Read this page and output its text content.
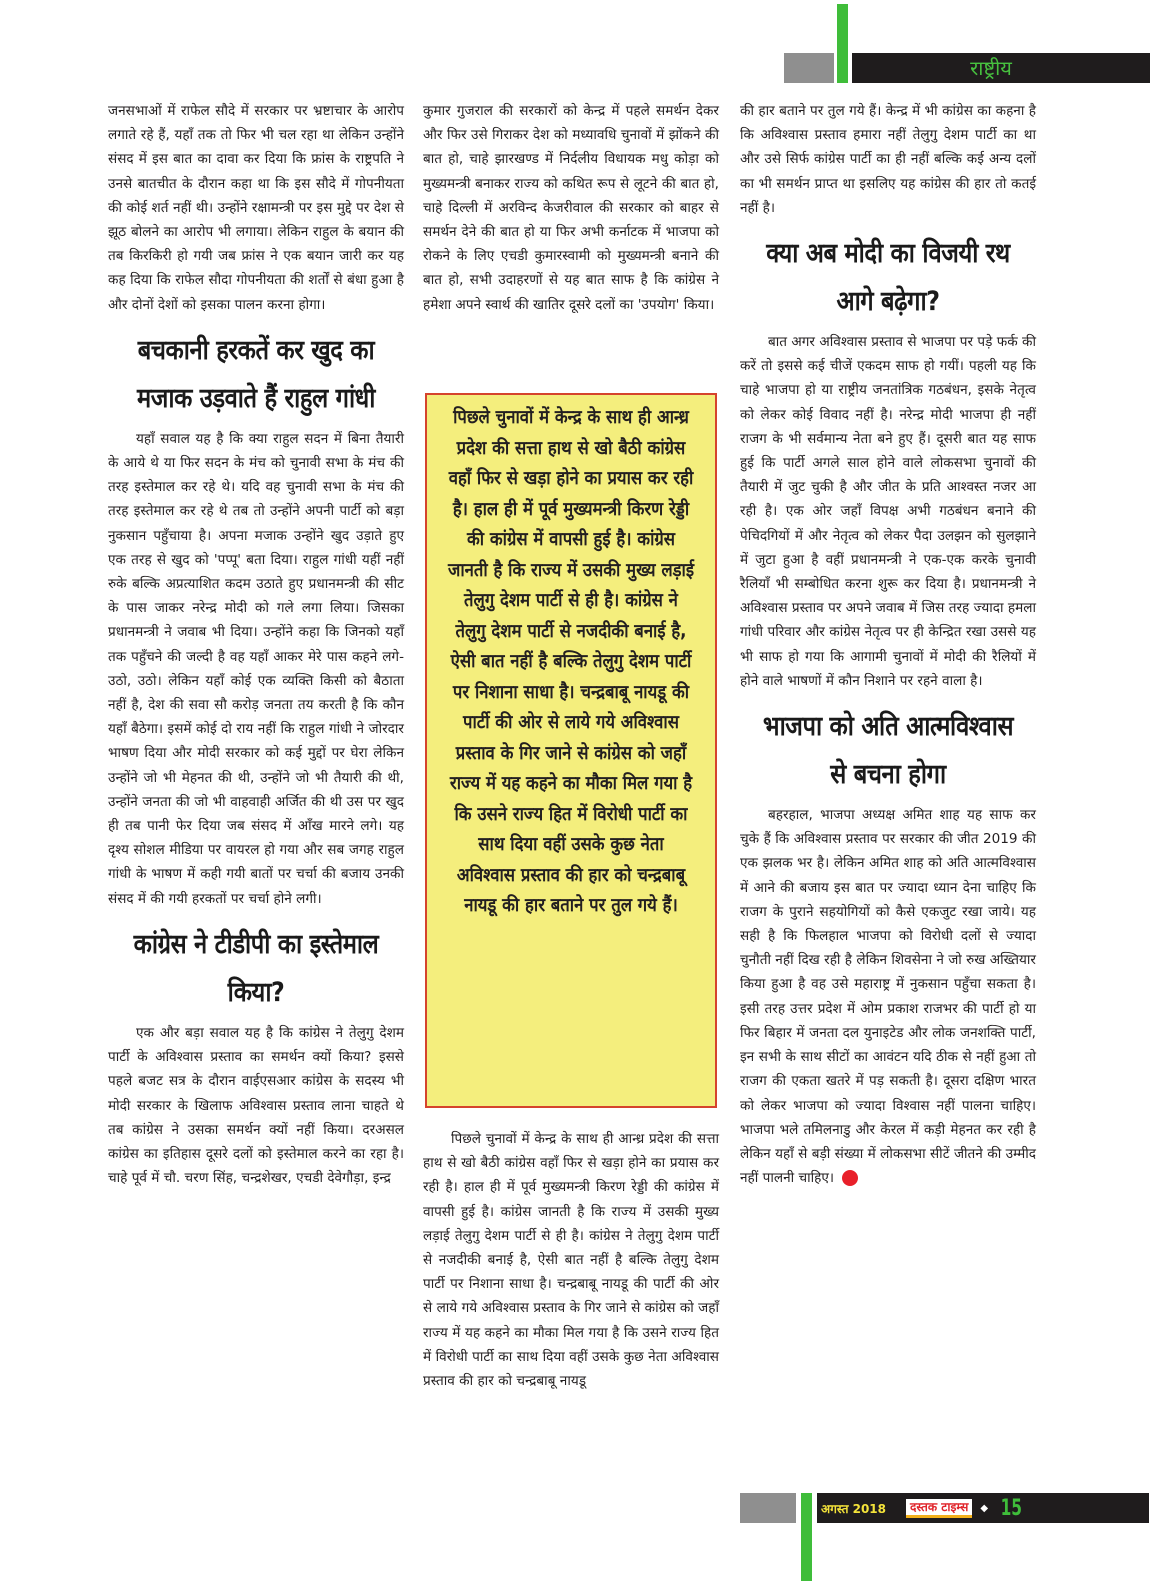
राष्ट्रीय

जनसभाओं में राफेल सौदे में सरकार पर भ्रष्टाचार के आरोप लगाते रहे हैं, यहाँ तक तो फिर भी चल रहा था लेकिन उन्होंने संसद में इस बात का दावा कर दिया कि फ्रांस के राष्ट्रपति ने उनसे बातचीत के दौरान कहा था कि इस सौदे में गोपनीयता की कोई शर्त नहीं थी। उन्होंने रक्षामन्त्री पर इस मुद्दे पर देश से झूठ बोलने का आरोप भी लगाया। लेकिन राहुल के बयान की तब किरकिरी हो गयी जब फ्रांस ने एक बयान जारी कर यह कह दिया कि राफेल सौदा गोपनीयता की शर्तों से बंधा हुआ है और दोनों देशों को इसका पालन करना होगा।

बचकानी हरकतें कर खुद का मजाक उड़वाते हैं राहुल गांधी

यहाँ सवाल यह है कि क्या राहुल सदन में बिना तैयारी के आये थे या फिर सदन के मंच को चुनावी सभा के मंच की तरह इस्तेमाल कर रहे थे। यदि वह चुनावी सभा के मंच की तरह इस्तेमाल कर रहे थे तब तो उन्होंने अपनी पार्टी को बड़ा नुकसान पहुँचाया है। अपना मजाक उन्होंने खुद उड़ाते हुए एक तरह से खुद को 'पप्पू' बता दिया। राहुल गांधी यहीं नहीं रुके बल्कि अप्रत्याशित कदम उठाते हुए प्रधानमन्त्री की सीट के पास जाकर नरेन्द्र मोदी को गले लगा लिया। जिसका प्रधानमन्त्री ने जवाब भी दिया। उन्होंने कहा कि जिनको यहाँ तक पहुँचने की जल्दी है वह यहाँ आकर मेरे पास कहने लगे- उठो, उठो। लेकिन यहाँ कोई एक व्यक्ति किसी को बैठाता नहीं है, देश की सवा सौ करोड़ जनता तय करती है कि कौन यहाँ बैठेगा। इसमें कोई दो राय नहीं कि राहुल गांधी ने जोरदार भाषण दिया और मोदी सरकार को कई मुद्दों पर घेरा लेकिन उन्होंने जो भी मेहनत की थी, उन्होंने जो भी तैयारी की थी, उन्होंने जनता की जो भी वाहवाही अर्जित की थी उस पर खुद ही तब पानी फेर दिया जब संसद में आँख मारने लगे। यह दृश्य सोशल मीडिया पर वायरल हो गया और सब जगह राहुल गांधी के भाषण में कही गयी बातों पर चर्चा की बजाय उनकी संसद में की गयी हरकतों पर चर्चा होने लगी।

कांग्रेस ने टीडीपी का इस्तेमाल किया?

एक और बड़ा सवाल यह है कि कांग्रेस ने तेलुगु देशम पार्टी के अविश्वास प्रस्ताव का समर्थन क्यों किया? इससे पहले बजट सत्र के दौरान वाईएसआर कांग्रेस के सदस्य भी मोदी सरकार के खिलाफ अविश्वास प्रस्ताव लाना चाहते थे तब कांग्रेस ने उसका समर्थन क्यों नहीं किया। दरअसल कांग्रेस का इतिहास दूसरे दलों को इस्तेमाल करने का रहा है। चाहे पूर्व में चौ. चरण सिंह, चन्द्रशेखर, एचडी देवेगौड़ा, इन्द्र

कुमार गुजराल की सरकारों को केन्द्र में पहले समर्थन देकर और फिर उसे गिराकर देश को मध्यावधि चुनावों में झोंकने की बात हो, चाहे झारखण्ड में निर्दलीय विधायक मधु कोड़ा को मुख्यमन्त्री बनाकर राज्य को कथित रूप से लूटने की बात हो, चाहे दिल्ली में अरविन्द केजरीवाल की सरकार को बाहर से समर्थन देने की बात हो या फिर अभी कर्नाटक में भाजपा को रोकने के लिए एचडी कुमारस्वामी को मुख्यमन्त्री बनाने की बात हो, सभी उदाहरणों से यह बात साफ है कि कांग्रेस ने हमेशा अपने स्वार्थ की खातिर दूसरे दलों का 'उपयोग' किया।

पिछले चुनावों में केन्द्र के साथ ही आन्ध्र प्रदेश की सत्ता हाथ से खो बैठी कांग्रेस वहाँ फिर से खड़ा होने का प्रयास कर रही है। हाल ही में पूर्व मुख्यमन्त्री किरण रेड्डी की कांग्रेस में वापसी हुई है। कांग्रेस जानती है कि राज्य में उसकी मुख्य लड़ाई तेलुगु देशम पार्टी से ही है। कांग्रेस ने तेलुगु देशम पार्टी से नजदीकी बनाई है, ऐसी बात नहीं है बल्कि तेलुगु देशम पार्टी पर निशाना साधा है। चन्द्रबाबू नायडू की पार्टी की ओर से लाये गये अविश्वास प्रस्ताव के गिर जाने से कांग्रेस को जहाँ राज्य में यह कहने का मौका मिल गया है कि उसने राज्य हित में विरोधी पार्टी का साथ दिया वहीं उसके कुछ नेता अविश्वास प्रस्ताव की हार को चन्द्रबाबू नायडू की हार बताने पर तुल गये हैं।

पिछले चुनावों में केन्द्र के साथ ही आन्ध्र प्रदेश की सत्ता हाथ से खो बैठी कांग्रेस वहाँ फिर से खड़ा होने का प्रयास कर रही है। हाल ही में पूर्व मुख्यमन्त्री किरण रेड्डी की कांग्रेस में वापसी हुई है। कांग्रेस जानती है कि राज्य में उसकी मुख्य लड़ाई तेलुगु देशम पार्टी से ही है। कांग्रेस ने तेलुगु देशम पार्टी से नजदीकी बनाई है, ऐसी बात नहीं है बल्कि तेलुगु देशम पार्टी पर निशाना साधा है। चन्द्रबाबू नायडू की पार्टी की ओर से लाये गये अविश्वास प्रस्ताव के गिर जाने से कांग्रेस को जहाँ राज्य में यह कहने का मौका मिल गया है कि उसने राज्य हित में विरोधी पार्टी का साथ दिया वहीं उसके कुछ नेता अविश्वास प्रस्ताव की हार को चन्द्रबाबू नायडू

की हार बताने पर तुल गये हैं। केन्द्र में भी कांग्रेस का कहना है कि अविश्वास प्रस्ताव हमारा नहीं तेलुगु देशम पार्टी का था और उसे सिर्फ कांग्रेस पार्टी का ही नहीं बल्कि कई अन्य दलों का भी समर्थन प्राप्त था इसलिए यह कांग्रेस की हार तो कतई नहीं है।

क्या अब मोदी का विजयी रथ आगे बढ़ेगा?

बात अगर अविश्वास प्रस्ताव से भाजपा पर पड़े फर्क की करें तो इससे कई चीजें एकदम साफ हो गयीं। पहली यह कि चाहे भाजपा हो या राष्ट्रीय जनतांत्रिक गठबंधन, इसके नेतृत्व को लेकर कोई विवाद नहीं है। नरेन्द्र मोदी भाजपा ही नहीं राजग के भी सर्वमान्य नेता बने हुए हैं। दूसरी बात यह साफ हुई कि पार्टी अगले साल होने वाले लोकसभा चुनावों की तैयारी में जुट चुकी है और जीत के प्रति आश्वस्त नजर आ रही है। एक ओर जहाँ विपक्ष अभी गठबंधन बनाने की पेचिदगियों में और नेतृत्व को लेकर पैदा उलझन को सुलझाने में जुटा हुआ है वहीं प्रधानमन्त्री ने एक-एक करके चुनावी रैलियाँ भी सम्बोधित करना शुरू कर दिया है। प्रधानमन्त्री ने अविश्वास प्रस्ताव पर अपने जवाब में जिस तरह ज्यादा हमला गांधी परिवार और कांग्रेस नेतृत्व पर ही केन्द्रित रखा उससे यह भी साफ हो गया कि आगामी चुनावों में मोदी की रैलियों में होने वाले भाषणों में कौन निशाने पर रहने वाला है।

भाजपा को अति आत्मविश्वास से बचना होगा

बहरहाल, भाजपा अध्यक्ष अमित शाह यह साफ कर चुके हैं कि अविश्वास प्रस्ताव पर सरकार की जीत 2019 की एक झलक भर है। लेकिन अमित शाह को अति आत्मविश्वास में आने की बजाय इस बात पर ज्यादा ध्यान देना चाहिए कि राजग के पुराने सहयोगियों को कैसे एकजुट रखा जाये। यह सही है कि फिलहाल भाजपा को विरोधी दलों से ज्यादा चुनौती नहीं दिख रही है लेकिन शिवसेना ने जो रुख अख्तियार किया हुआ है वह उसे महाराष्ट्र में नुकसान पहुँचा सकता है। इसी तरह उत्तर प्रदेश में ओम प्रकाश राजभर की पार्टी हो या फिर बिहार में जनता दल युनाइटेड और लोक जनशक्ति पार्टी, इन सभी के साथ सीटों का आवंटन यदि ठीक से नहीं हुआ तो राजग की एकता खतरे में पड़ सकती है। दूसरा दक्षिण भारत को लेकर भाजपा को ज्यादा विश्वास नहीं पालना चाहिए। भाजपा भले तमिलनाडु और केरल में कड़ी मेहनत कर रही है लेकिन यहाँ से बड़ी संख्या में लोकसभा सीटें जीतने की उम्मीद नहीं पालनी चाहिए।

अगस्त 2018	दस्तक टाइम्स	◆ 15
